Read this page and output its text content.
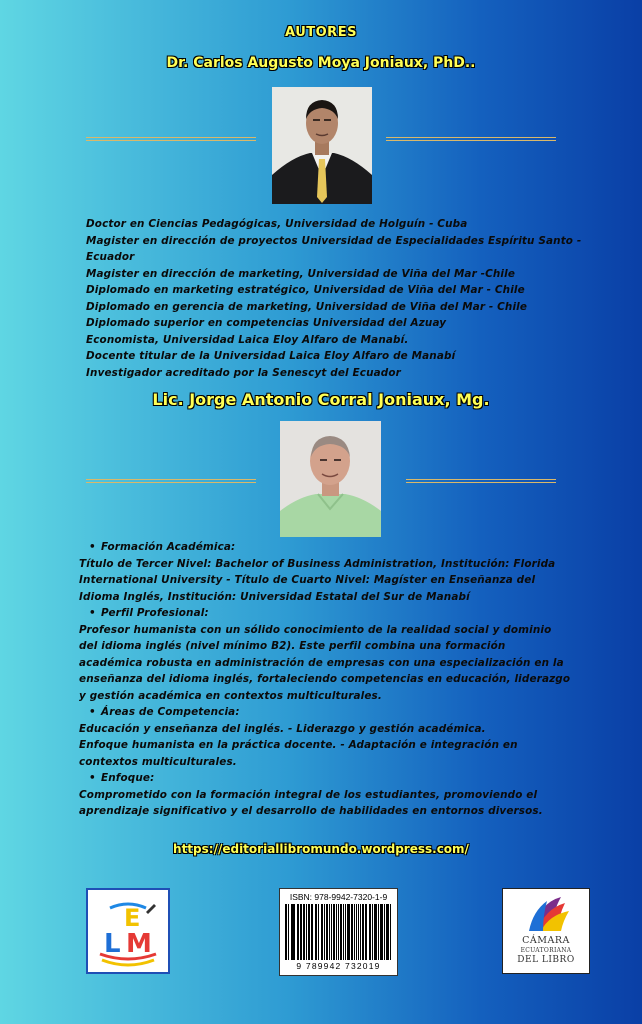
AUTORES
Dr. Carlos Augusto Moya Joniaux, PhD..
Doctor en Ciencias Pedagógicas, Universidad de Holguín - Cuba
Magister en dirección de proyectos Universidad de Especialidades Espíritu Santo -
Ecuador
Magister en dirección de marketing, Universidad de Viña del Mar -Chile
Diplomado en marketing estratégico, Universidad de Viña del Mar - Chile
Diplomado en gerencia de marketing, Universidad de Viña del Mar - Chile
Diplomado superior en competencias Universidad del Azuay
Economista, Universidad Laica Eloy Alfaro de Manabí.
Docente titular de la Universidad Laica Eloy Alfaro de Manabí
Investigador acreditado por la Senescyt del Ecuador
Lic. Jorge Antonio Corral Joniaux, Mg.
• Formación Académica:
Título de Tercer Nivel: Bachelor of Business Administration, Institución: Florida
International University - Título de Cuarto Nivel: Magíster en Enseñanza del
Idioma Inglés, Institución: Universidad Estatal del Sur de Manabí
• Perfil Profesional:
Profesor humanista con un sólido conocimiento de la realidad social y dominio
del idioma inglés (nivel mínimo B2). Este perfil combina una formación
académica robusta en administración de empresas con una especialización en la
enseñanza del idioma inglés, fortaleciendo competencias en educación, liderazgo
y gestión académica en contextos multiculturales.
• Áreas de Competencia:
Educación y enseñanza del inglés. - Liderazgo y gestión académica.
Enfoque humanista en la práctica docente. - Adaptación e integración en
contextos multiculturales.
• Enfoque:
Comprometido con la formación integral de los estudiantes, promoviendo el
aprendizaje significativo y el desarrollo de habilidades en entornos diversos.
https://editoriallibromundo.wordpress.com/
E
L M
ISBN: 978-9942-7320-1-9
9 789942 732019
CÁMARA
ECUATORIANA
DEL LIBRO
